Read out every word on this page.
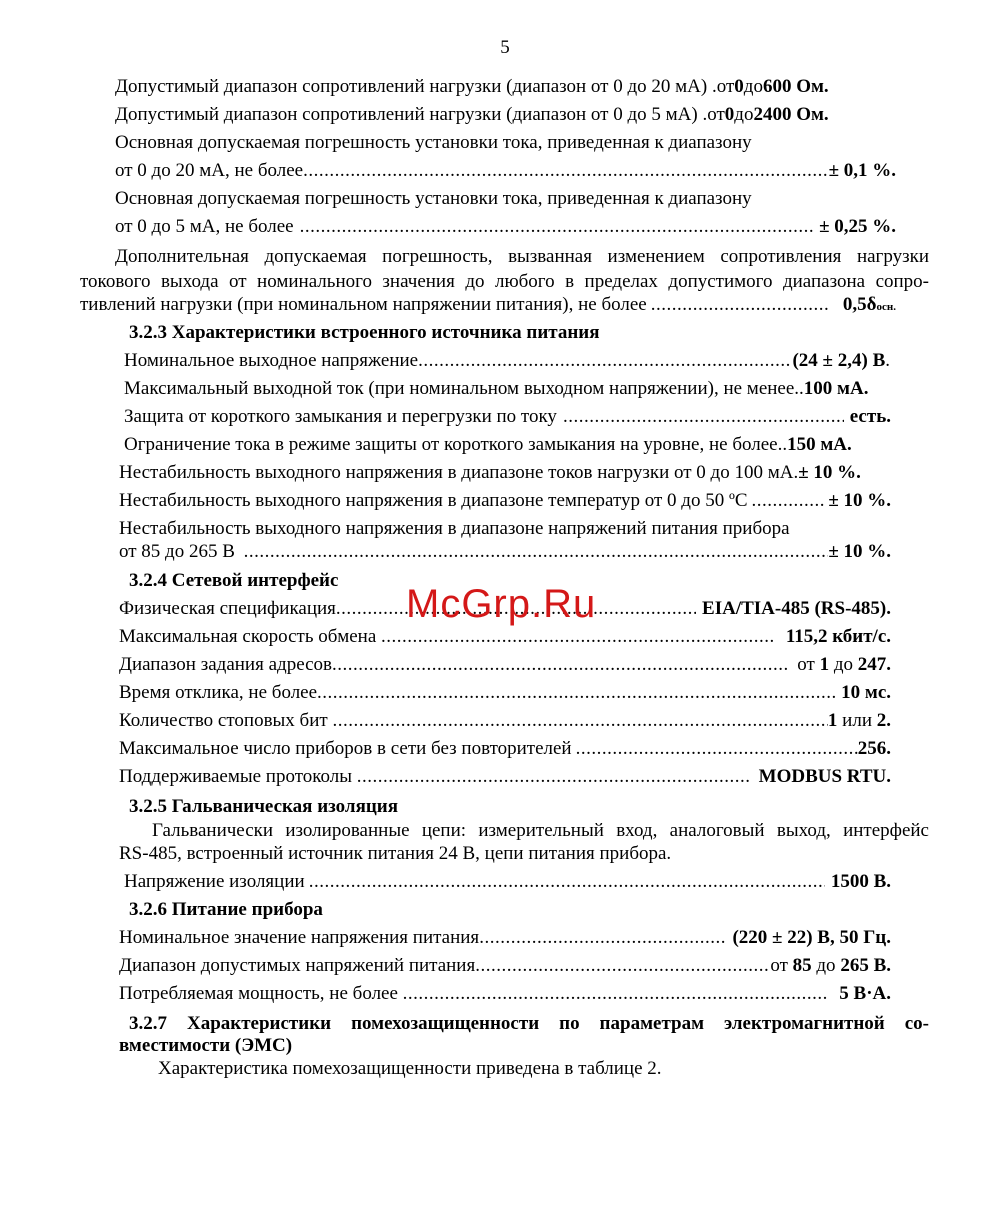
5
Допустимый диапазон сопротивлений нагрузки (диапазон от 0 до 20 мА) .от 0 до 600 Ом.
Допустимый диапазон сопротивлений нагрузки (диапазон от 0 до 5 мА) .от 0 до 2400 Ом.
Основная допускаемая погрешность установки тока, приведенная к диапазону
от 0 до 20 мА, не более .....	± 0,1 %.
Основная допускаемая погрешность установки тока, приведенная к диапазону
от 0 до 5 мА, не более .....	± 0,25 %.
Дополнительная допускаемая погрешность, вызванная изменением сопротивления нагрузки
токового выхода от номинального значения до любого в пределах допустимого диапазона сопро-
тивлений нагрузки (при номинальном напряжении питания), не более .....	0,5δосн.
3.2.3 Характеристики встроенного источника питания
Номинальное выходное напряжение .....	(24 ± 2,4) В .
Максимальный выходной ток (при номинальном выходном напряжении), не менее.. 100 мА.
Защита от короткого замыкания и перегрузки по току .....	есть.
Ограничение тока в режиме защиты от короткого замыкания на уровне, не более.. 150 мА.
Нестабильность выходного напряжения в диапазоне токов нагрузки от 0 до 100 мА. ± 10 %.
Нестабильность выходного напряжения в диапазоне температур от 0 до 50 ºC .....	± 10 %.
Нестабильность выходного напряжения в диапазоне напряжений питания прибора
от 85 до 265 В .....	± 10 %.
3.2.4 Сетевой интерфейс
Физическая спецификация .....	EIA/TIA-485 (RS-485).
Максимальная скорость обмена .....	115,2 кбит/с.
Диапазон задания адресов .....	от 1 до 247.
Время отклика, не более .....	10 мс.
Количество стоповых бит .....	1 или 2.
Максимальное число приборов в сети без повторителей .....	256.
Поддерживаемые протоколы .....	MODBUS RTU.
3.2.5 Гальваническая изоляция
Гальванически изолированные цепи: измерительный вход, аналоговый выход, интерфейс
RS-485, встроенный источник питания 24 В, цепи питания прибора.
Напряжение изоляции .....	1500 В.
3.2.6 Питание прибора
Номинальное значение напряжения питания .....	(220 ± 22) В, 50 Гц.
Диапазон допустимых напряжений питания .....	от 85 до 265 В.
Потребляемая мощность, не более .....	5 В·А.
3.2.7 Характеристики помехозащищенности по параметрам электромагнитной со-
вместимости (ЭМС)
Характеристика помехозащищенности приведена в таблице 2.
McGrp.Ru
